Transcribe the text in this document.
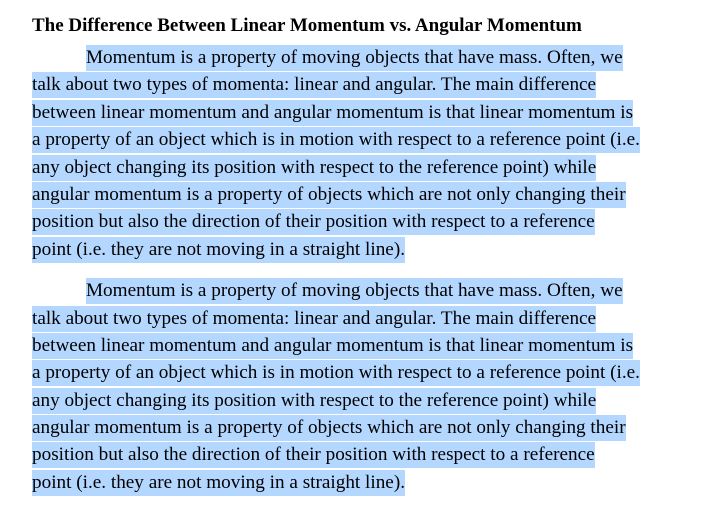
The Difference Between Linear Momentum vs. Angular Momentum
Momentum is a property of moving objects that have mass. Often, we
talk about two types of momenta: linear and angular. The main difference
between linear momentum and angular momentum is that linear momentum is
a property of an object which is in motion with respect to a reference point (i.e.
any object changing its position with respect to the reference point) while
angular momentum is a property of objects which are not only changing their
position but also the direction of their position with respect to a reference
point (i.e. they are not moving in a straight line).
Momentum is a property of moving objects that have mass. Often, we
talk about two types of momenta: linear and angular. The main difference
between linear momentum and angular momentum is that linear momentum is
a property of an object which is in motion with respect to a reference point (i.e.
any object changing its position with respect to the reference point) while
angular momentum is a property of objects which are not only changing their
position but also the direction of their position with respect to a reference
point (i.e. they are not moving in a straight line).
